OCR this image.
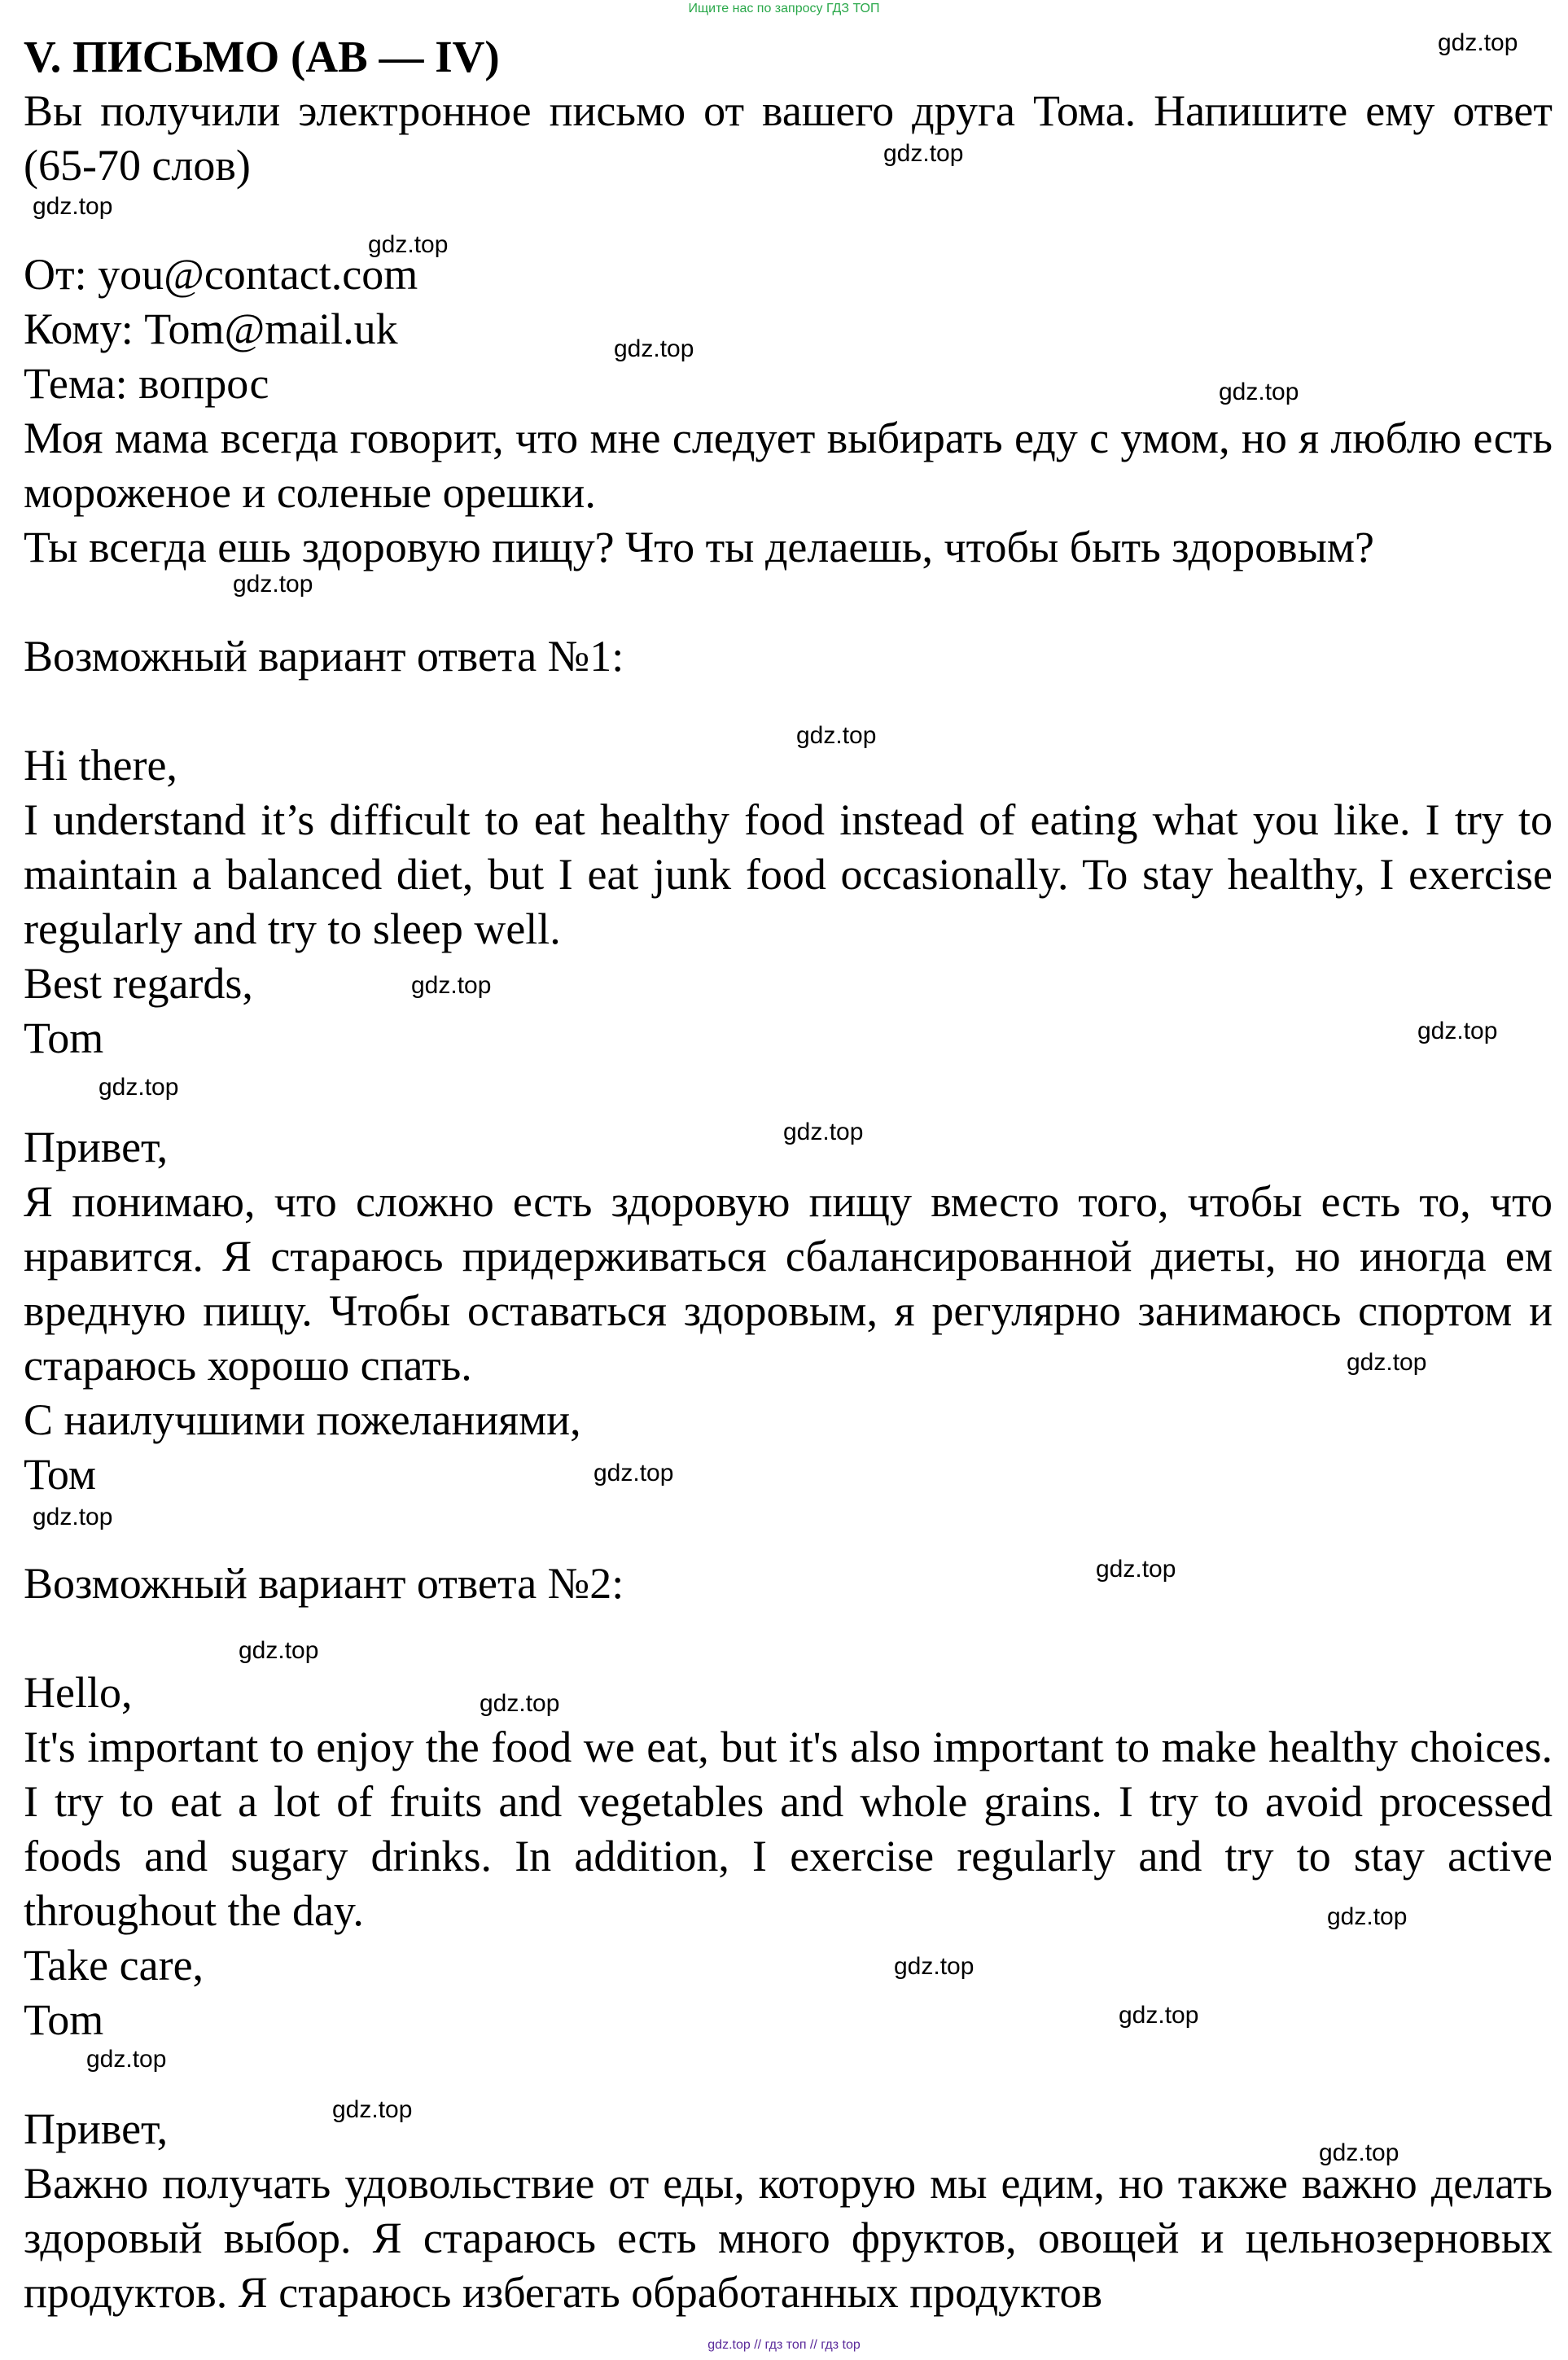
Ищите нас по запросу ГДЗ ТОП

V. ПИСЬМО (AB — IV)

Вы получили электронное письмо от вашего друга Тома. Напишите ему ответ (65-70 слов)

От: you@contact.com

Кому: Tom@mail.uk

Тема: вопрос

Моя мама всегда говорит, что мне следует выбирать еду с умом, но я люблю есть мороженое и соленые орешки.

Ты всегда ешь здоровую пищу? Что ты делаешь, чтобы быть здоровым?

Возможный вариант ответа №1:

Hi there,

I understand it’s difficult to eat healthy food instead of eating what you like. I try to maintain a balanced diet, but I eat junk food occasionally. To stay healthy, I exercise regularly and try to sleep well.

Best regards,

Tom

Привет,

Я понимаю, что сложно есть здоровую пищу вместо того, чтобы есть то, что нравится. Я стараюсь придерживаться сбалансированной диеты, но иногда ем вредную пищу. Чтобы оставаться здоровым, я регулярно занимаюсь спортом и стараюсь хорошо спать.

С наилучшими пожеланиями,

Том

Возможный вариант ответа №2:

Hello,

It's important to enjoy the food we eat, but it's also important to make healthy choices. I try to eat a lot of fruits and vegetables and whole grains. I try to avoid processed foods and sugary drinks. In addition, I exercise regularly and try to stay active throughout the day.

Take care,

Tom

Привет,

Важно получать удовольствие от еды, которую мы едим, но также важно делать здоровый выбор. Я стараюсь есть много фруктов, овощей и цельнозерновых продуктов. Я стараюсь избегать обработанных продуктов

gdz.top
gdz.top
gdz.top
gdz.top
gdz.top
gdz.top
gdz.top
gdz.top
gdz.top
gdz.top
gdz.top
gdz.top
gdz.top
gdz.top
gdz.top
gdz.top
gdz.top
gdz.top
gdz.top
gdz.top
gdz.top
gdz.top
gdz.top
gdz.top
gdz.top // гдз топ // гдз top
